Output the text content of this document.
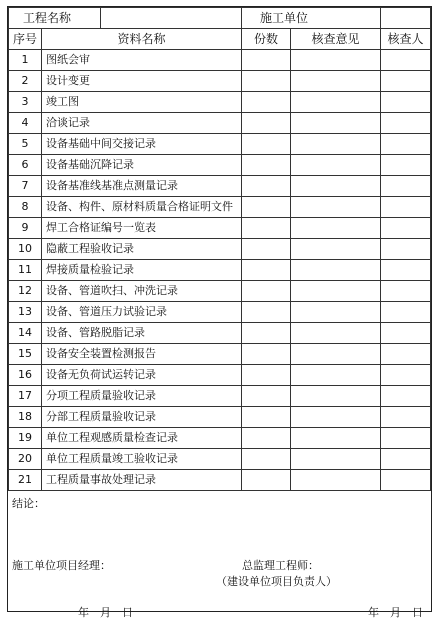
工程名称		施工单位		
序号	资料名称	份数	核查意见	核查人
1	图纸会审			
2	设计变更			
3	竣工图			
4	洽谈记录			
5	设备基础中间交接记录			
6	设备基础沉降记录			
7	设备基准线基准点测量记录			
8	设备、构件、原材料质量合格证明文件			
9	焊工合格证编号一览表			
10	隐蔽工程验收记录			
11	焊接质量检验记录			
12	设备、管道吹扫、冲洗记录			
13	设备、管道压力试验记录			
14	设备、管路脱脂记录			
15	设备安全装置检测报告			
16	设备无负荷试运转记录			
17	分项工程质量验收记录			
18	分部工程质量验收记录			
19	单位工程观感质量检查记录			
20	单位工程质量竣工验收记录			
21	工程质量事故处理记录			
结论：
施工单位项目经理：	总监理工程师：
（建设单位项目负责人）
年　月　日	年　月　日
